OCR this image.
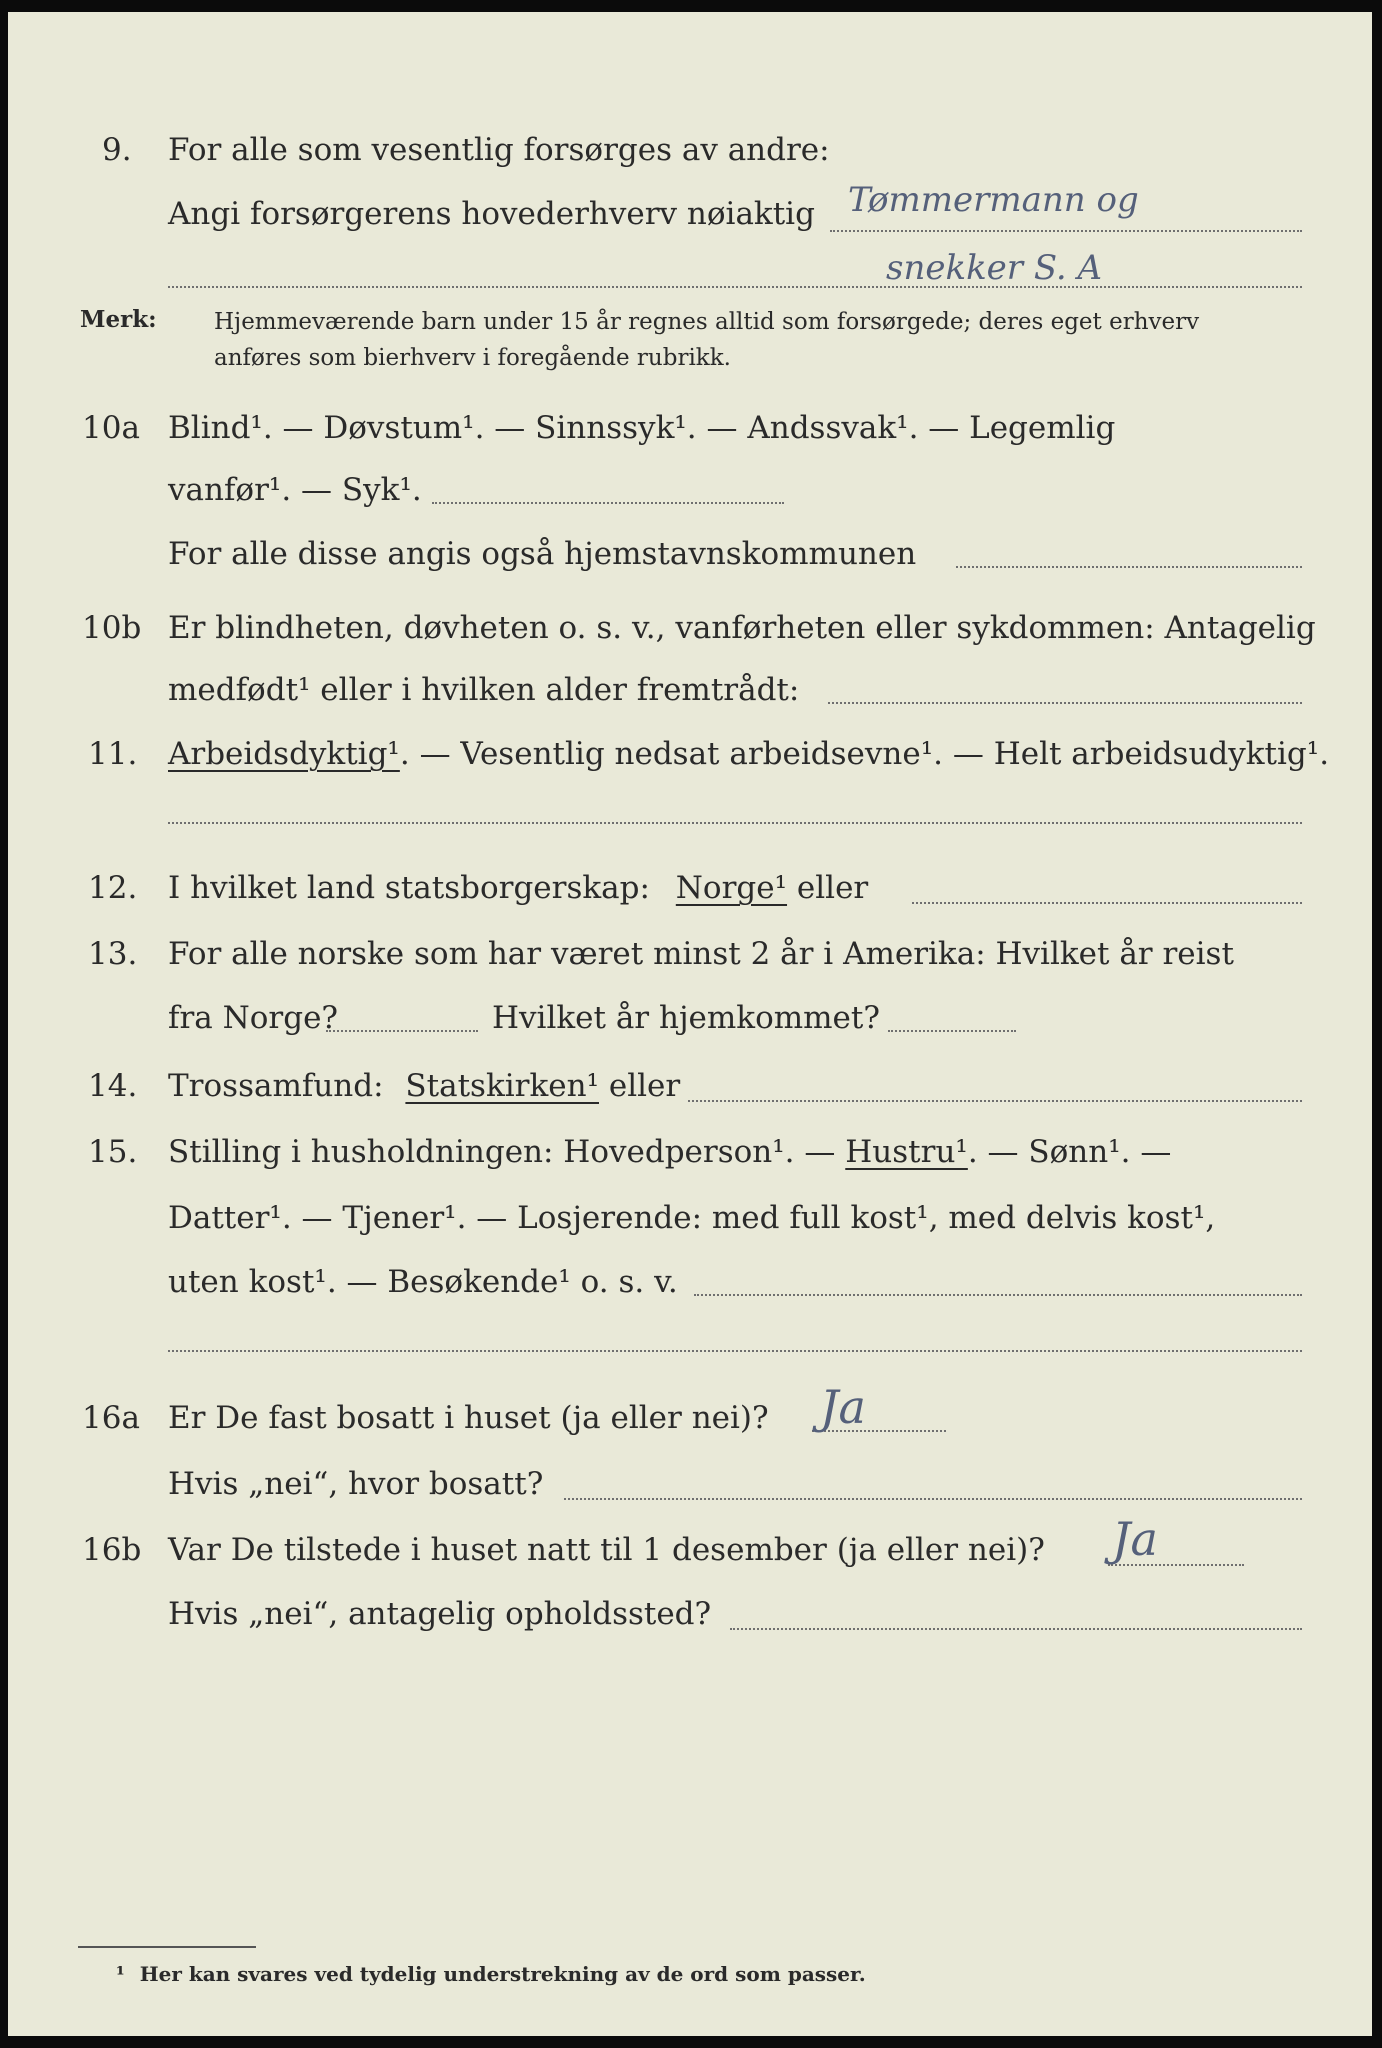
9. For alle som vesentlig forsørges av andre:
Angi forsørgerens hovederhverv nøiaktig Tømmermann og
snekker S. A
Merk: Hjemmeværende barn under 15 år regnes alltid som forsørgede; deres eget erhverv
anføres som bierhverv i foregående rubrikk.
10a Blind¹. — Døvstum¹. — Sinnssyk¹. — Andssvak¹. — Legemlig
vanfør¹. — Syk¹.
For alle disse angis også hjemstavnskommunen
10b Er blindheten, døvheten o. s. v., vanførheten eller sykdommen: Antagelig
medfødt¹ eller i hvilken alder fremtrådt:
11. Arbeidsdyktig¹. — Vesentlig nedsat arbeidsevne¹. — Helt arbeidsudyktig¹.
12. I hvilket land statsborgerskap: Norge¹ eller
13. For alle norske som har været minst 2 år i Amerika: Hvilket år reist
fra Norge?	Hvilket år hjemkommet?
14. Trossamfund: Statskirken¹ eller
15. Stilling i husholdningen: Hovedperson¹. — Hustru¹. — Sønn¹. —
Datter¹. — Tjener¹. — Losjerende: med full kost¹, med delvis kost¹,
uten kost¹. — Besøkende¹ o. s. v.
16a Er De fast bosatt i huset (ja eller nei)? Ja
Hvis „nei“, hvor bosatt?
16b Var De tilstede i huset natt til 1 desember (ja eller nei)? Ja
Hvis „nei“, antagelig opholdssted?
¹ Her kan svares ved tydelig understrekning av de ord som passer.
